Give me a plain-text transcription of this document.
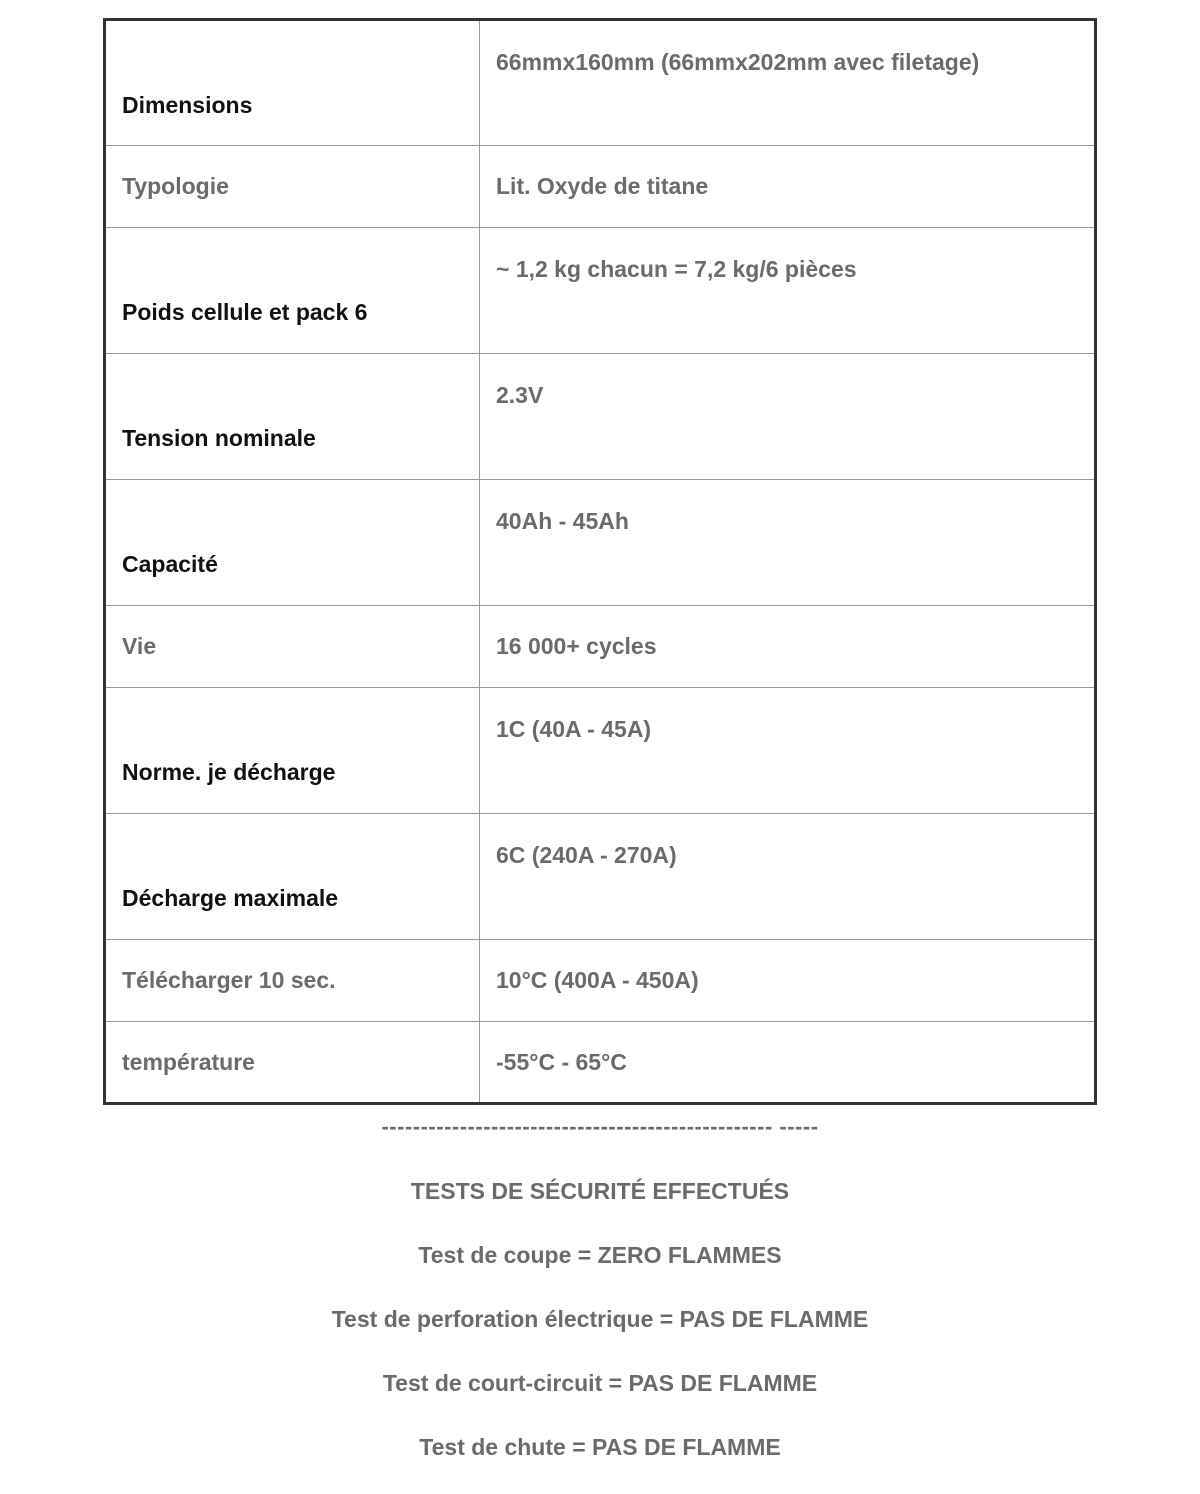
Dimensions	66mmx160mm (66mmx202mm avec filetage)
Typologie	Lit. Oxyde de titane
Poids cellule et pack 6	~ 1,2 kg chacun = 7,2 kg/6 pièces
Tension nominale	2.3V
Capacité	40Ah - 45Ah
Vie	16 000+ cycles
Norme. je décharge	1C (40A - 45A)
Décharge maximale	6C (240A - 270A)
Télécharger 10 sec.	10°C (400A - 450A)
température	-55°C - 65°C
-------------------------------------------------- -----
TESTS DE SÉCURITÉ EFFECTUÉS
Test de coupe = ZERO FLAMMES
Test de perforation électrique = PAS DE FLAMME
Test de court-circuit = PAS DE FLAMME
Test de chute = PAS DE FLAMME
